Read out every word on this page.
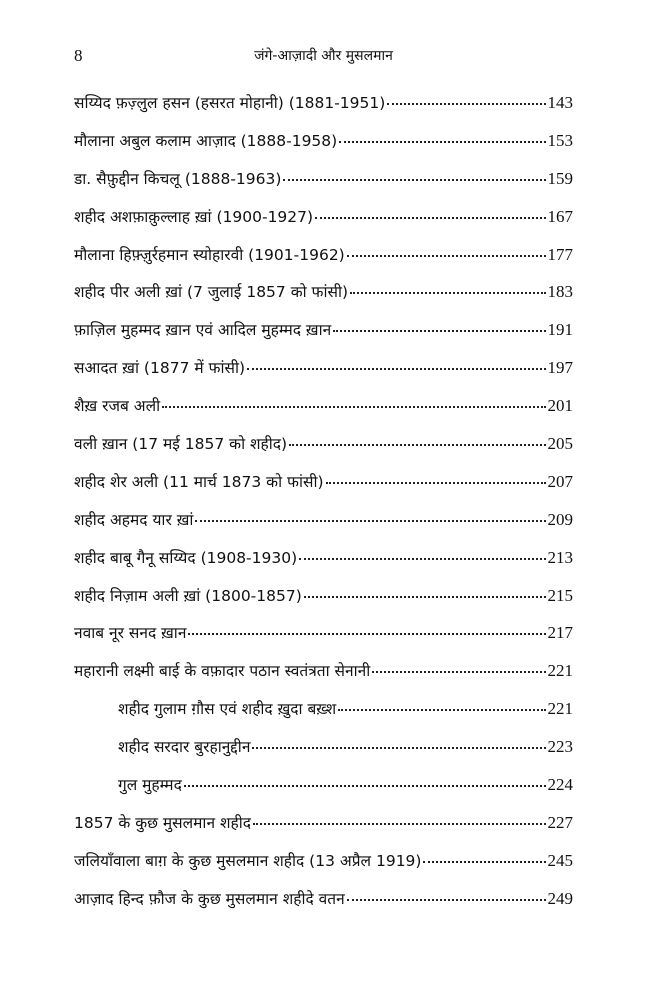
8	जंगे-आज़ादी और मुसलमान
सय्यिद फ़ज़्लुल हसन (हसरत मोहानी) (1881-1951)	143
मौलाना अबुल कलाम आज़ाद (1888-1958)	153
डा. सैफ़ुद्दीन किचलू (1888-1963)	159
शहीद अशफ़ाक़ुल्लाह ख़ां (1900-1927)	167
मौलाना हिफ़्ज़ुर्रहमान स्योहारवी (1901-1962)	177
शहीद पीर अली ख़ां (7 जुलाई 1857 को फांसी)	183
फ़ाज़िल मुहम्मद ख़ान एवं आदिल मुहम्मद ख़ान	191
सआदत ख़ां (1877 में फांसी)	197
शैख़ रजब अली	201
वली ख़ान (17 मई 1857 को शहीद)	205
शहीद शेर अली (11 मार्च 1873 को फांसी)	207
शहीद अहमद यार ख़ां	209
शहीद बाबू गैनू सय्यिद (1908-1930)	213
शहीद निज़ाम अली ख़ां (1800-1857)	215
नवाब नूर सनद ख़ान	217
महारानी लक्ष्मी बाई के वफ़ादार पठान स्वतंत्रता सेनानी	221
शहीद गुलाम ग़ौस एवं शहीद ख़ुदा बख़्श	221
शहीद सरदार बुरहानुद्दीन	223
गुल मुहम्मद	224
1857 के कुछ मुसलमान शहीद	227
जलियाँवाला बाग़ के कुछ मुसलमान शहीद (13 अप्रैल 1919)	245
आज़ाद हिन्द फ़ौज के कुछ मुसलमान शहीदे वतन	249
